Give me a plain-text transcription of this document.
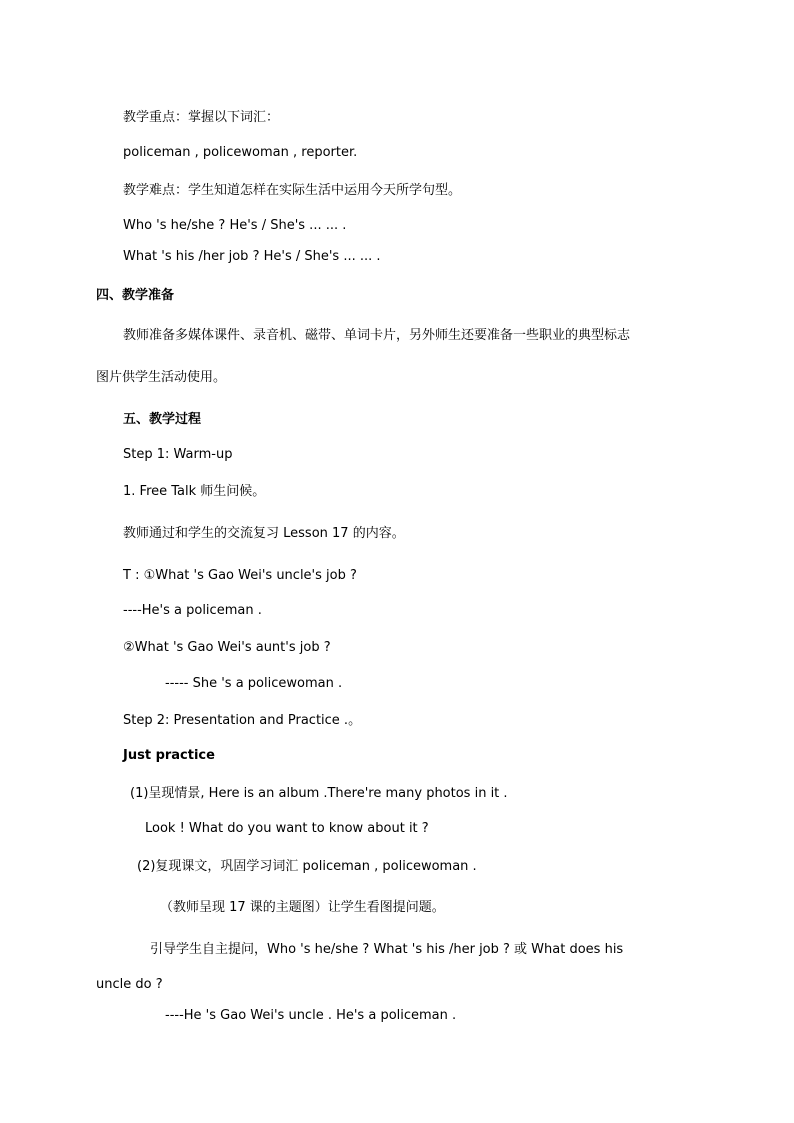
教学重点：掌握以下词汇：
policeman , policewoman , reporter.
教学难点：学生知道怎样在实际生活中运用今天所学句型。
Who 's he/she ? He's / She's ... ... .
What 's his /her job ? He's / She's ... ... .
四、教学准备
教师准备多媒体课件、录音机、磁带、单词卡片，另外师生还要准备一些职业的典型标志
图片供学生活动使用。
五、教学过程
Step 1: Warm-up
1. Free Talk 师生问候。
教师通过和学生的交流复习 Lesson 17 的内容。
T : ①What 's Gao Wei's uncle's job ?
----He's a policeman .
②What 's Gao Wei's aunt's job ?
----- She 's a policewoman .
Step 2: Presentation and Practice .。
Just practice
(1)呈现情景, Here is an album .There're many photos in it .
Look ! What do you want to know about it ?
(2)复现课文，巩固学习词汇 policeman , policewoman .
（教师呈现 17 课的主题图）让学生看图提问题。
引导学生自主提问，Who 's he/she ? What 's his /her job ? 或 What does his
uncle do ?
----He 's Gao Wei's uncle . He's a policeman .
